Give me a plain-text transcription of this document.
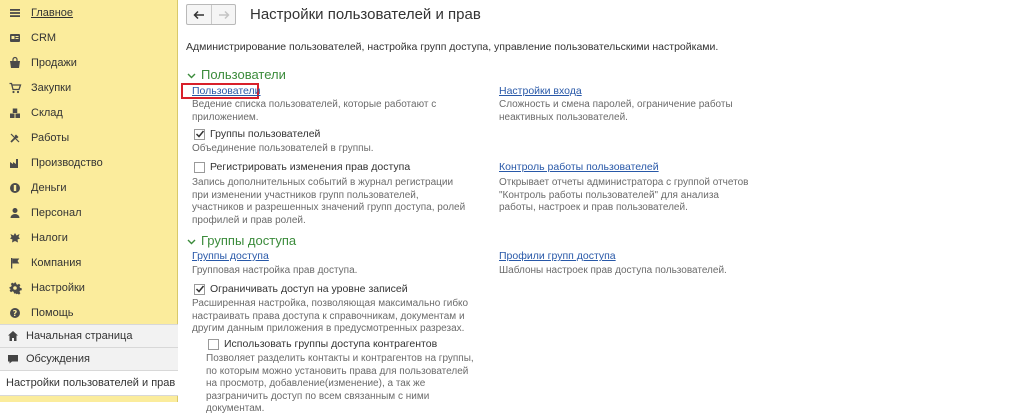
Главное
CRM
Продажи
Закупки
Склад
Работы
Производство
Деньги
Персонал
Налоги
Компания
Настройки
? Помощь
Начальная страница
Обсуждения
Настройки пользователей и прав
Настройки пользователей и прав
Администрирование пользователей, настройка групп доступа, управление пользовательскими настройками.
Пользователи
Пользователи
Ведение списка пользователей, которые работают с приложением.
Группы пользователей
Объединение пользователей в группы.
Регистрировать изменения прав доступа
Запись дополнительных событий в журнал регистрации при изменении участников групп пользователей, участников и разрешенных значений групп доступа, ролей профилей и прав ролей.
Настройки входа
Сложность и смена паролей, ограничение работы неактивных пользователей.
Контроль работы пользователей
Открывает отчеты администратора с группой отчетов "Контроль работы пользователей" для анализа работы, настроек и прав пользователей.
Группы доступа
Группы доступа
Групповая настройка прав доступа.
Ограничивать доступ на уровне записей
Расширенная настройка, позволяющая максимально гибко настраивать права доступа к справочникам, документам и другим данным приложения в предусмотренных разрезах.
Использовать группы доступа контрагентов
Позволяет разделить контакты и контрагентов на группы, по которым можно установить права для пользователей на просмотр, добавление(изменение), а так же разграничить доступ по всем связанным с ними документам.
Профили групп доступа
Шаблоны настроек прав доступа пользователей.
